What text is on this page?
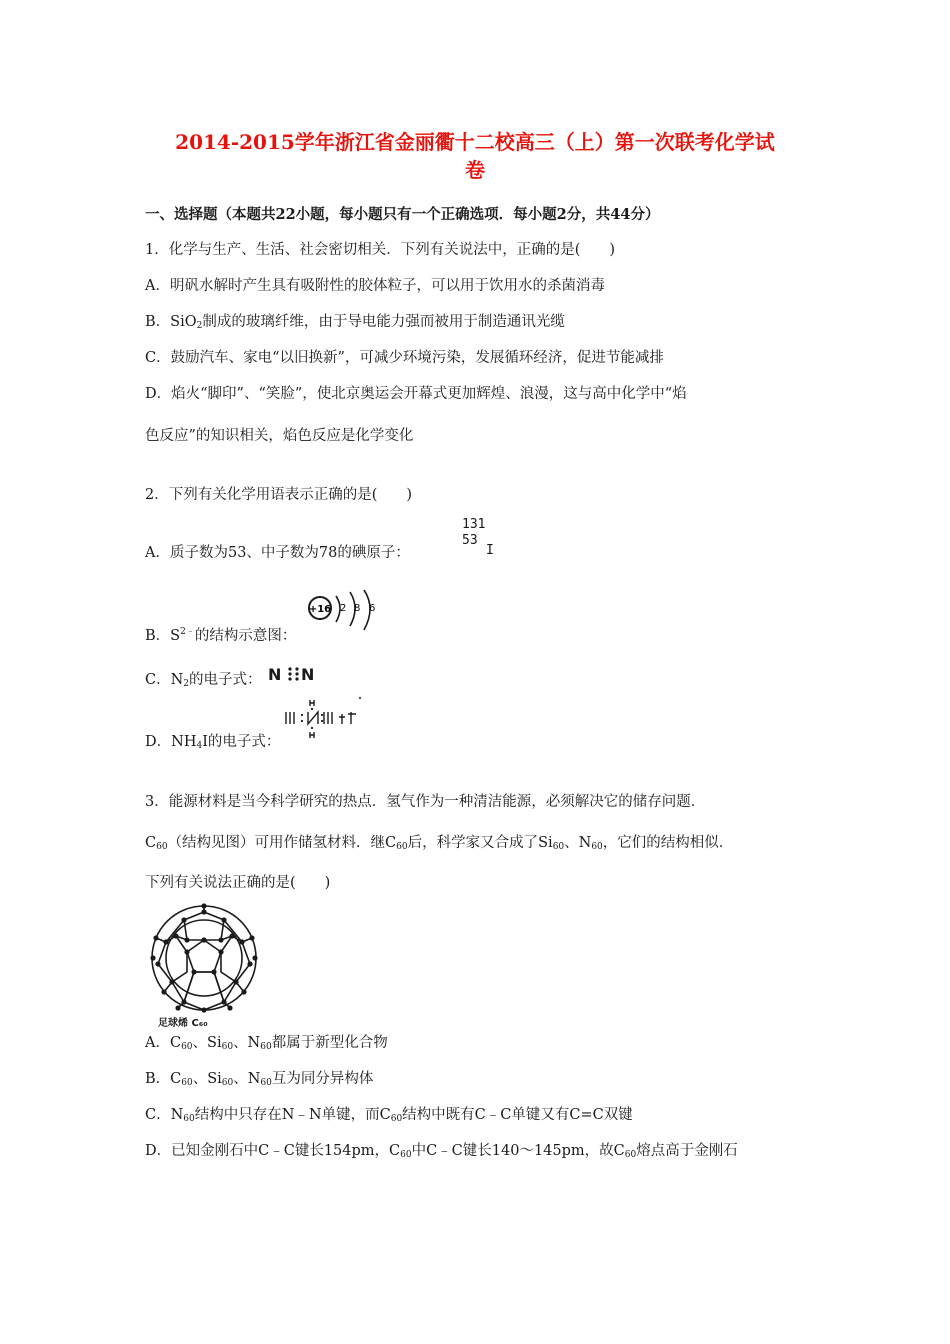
2014-2015学年浙江省金丽衢十二校高三（上）第一次联考化学试
卷
一、选择题（本题共22小题，每小题只有一个正确选项．每小题2分，共44分）
1．化学与生产、生活、社会密切相关．下列有关说法中，正确的是(　　)
A．明矾水解时产生具有吸附性的胶体粒子，可以用于饮用水的杀菌消毒
B．SiO$_2$制成的玻璃纤维，由于导电能力强而被用于制造通讯光缆
C．鼓励汽车、家电“以旧换新”，可减少环境污染，发展循环经济，促进节能减排
D．焰火“脚印”、“笑脸”，使北京奥运会开幕式更加辉煌、浪漫，这与高中化学中“焰
色反应”的知识相关，焰色反应是化学变化
2．下列有关化学用语表示正确的是(　　)
A．质子数为53、中子数为78的碘原子：
131
53
I
B．$S^{2﹣}$的结构示意图：
+16 2 8 6
C．$N_2$的电子式： N N
D．$NH_4I$的电子式：
3．能源材料是当今科学研究的热点．氢气作为一种清洁能源，必须解决它的储存问题．
$C_{60}$（结构见图）可用作储氢材料．继$C_{60}$后，科学家又合成了$Si_{60}$、$N_{60}$，它们的结构相似．
下列有关说法正确的是(　　)
足球烯 C₆₀
A．$C_{60}$、$Si_{60}$、$N_{60}$都属于新型化合物
B．$C_{60}$、$Si_{60}$、$N_{60}$互为同分异构体
C．$N_{60}$结构中只存在N﹣N单键，而$C_{60}$结构中既有C﹣C单键又有C=C双键
D．已知金刚石中C﹣C键长154pm，$C_{60}$中C﹣C键长140～145pm，故$C_{60}$熔点高于金刚石
